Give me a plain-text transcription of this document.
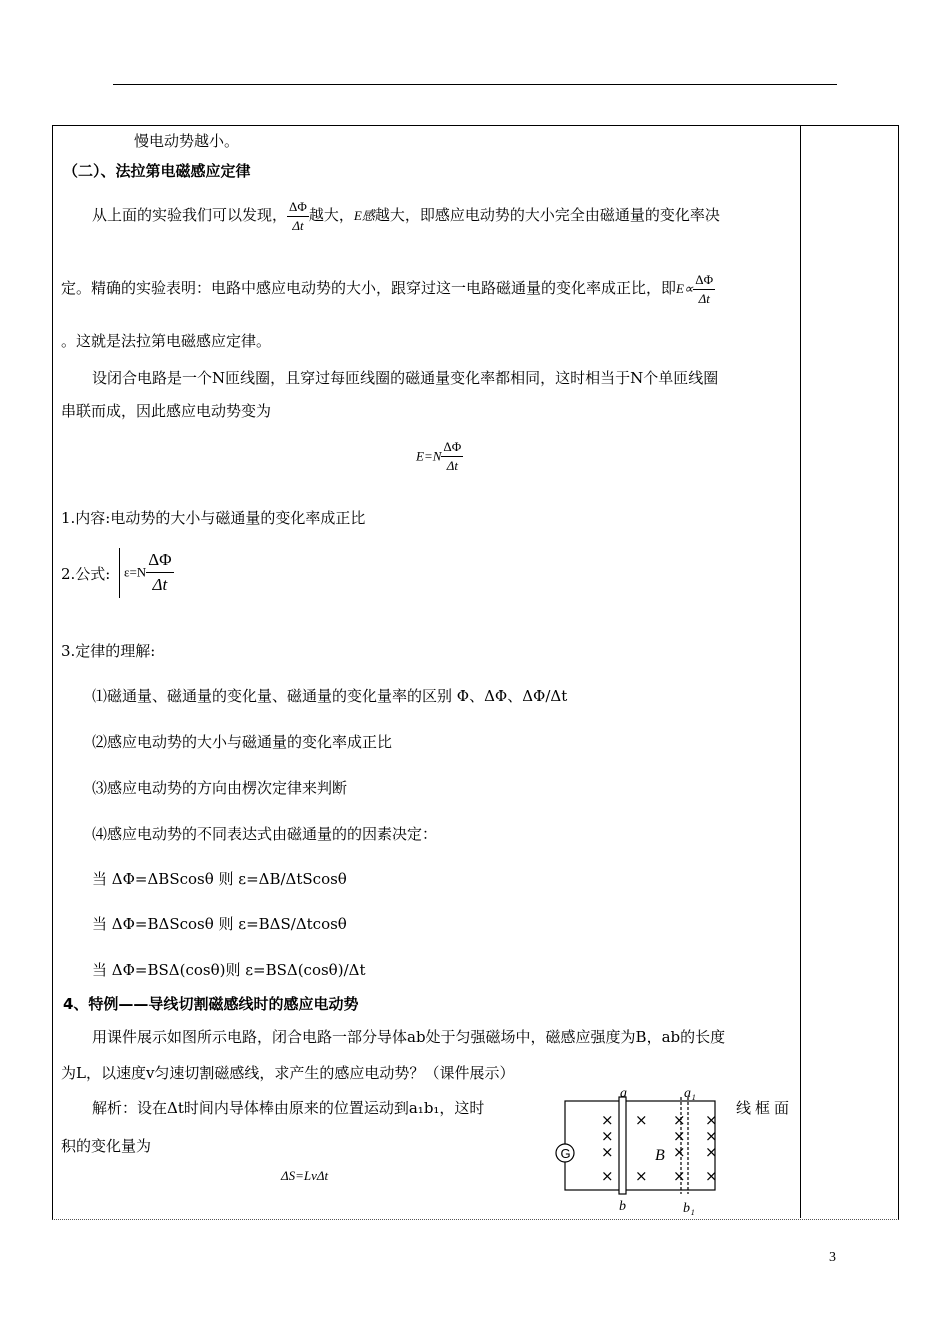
慢电动势越小。
（二）、法拉第电磁感应定律
从上面的实验我们可以发现， $\frac{\Delta\Phi}{\Delta t}$ 越大，E感越大，即感应电动势的大小完全由磁通量的变化率决
定。精确的实验表明：电路中感应电动势的大小，跟穿过这一电路磁通量的变化率成正比，即$E\propto \frac{\Delta\Phi}{\Delta t}$
。这就是法拉第电磁感应定律。
设闭合电路是一个N匝线圈，且穿过每匝线圈的磁通量变化率都相同，这时相当于N个单匝线圈
串联而成，因此感应电动势变为
$E=N \frac{\Delta\Phi}{\Delta t}$
1.内容:电动势的大小与磁通量的变化率成正比
2.公式: $\varepsilon=N \frac{\Delta\Phi}{\Delta t}$
3.定律的理解:
⑴磁通量、磁通量的变化量、磁通量的变化量率的区别 Φ、ΔΦ、ΔΦ/Δt
⑵感应电动势的大小与磁通量的变化率成正比
⑶感应电动势的方向由楞次定律来判断
⑷感应电动势的不同表达式由磁通量的的因素决定：
当 ΔΦ=ΔBScosθ 则 ε=ΔB/ΔtScosθ
当 ΔΦ=BΔScosθ 则 ε=BΔS/Δtcosθ
当 ΔΦ=BSΔ(cosθ)则 ε=BSΔ(cosθ)/Δt
4、特例——导线切割磁感线时的感应电动势
用课件展示如图所示电路，闭合电路一部分导体ab处于匀强磁场中，磁感应强度为B，ab的长度
为L，以速度v匀速切割磁感线，求产生的感应电动势？（课件展示）
解析：设在Δt时间内导体棒由原来的位置运动到a₁b₁，这时	线框面
积的变化量为
ΔS=LvΔt
G
a	a₁
b	b₁
B
×
×
×
×
×
×
×
×
×
×
×
×
×
×
3
